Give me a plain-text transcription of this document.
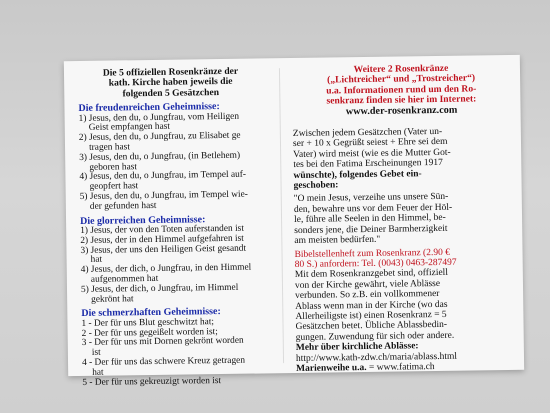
Die 5 offiziellen Rosenkränze der

kath. Kirche haben jeweils die

folgenden 5 Gesätzchen

Die freudenreichen Geheimnisse:

1) Jesus, den du, o Jungfrau, vom Heiligen

Geist empfangen hast

2) Jesus, den du, o Jungfrau, zu Elisabet ge

tragen hast

3) Jesus, den du, o Jungfrau, (in Betlehem)

geboren hast

4) Jesus, den du, o Jungfrau, im Tempel auf-

geopfert hast

5) Jesus, den du, o Jungfrau, im Tempel wie-

der gefunden hast

Die glorreichen Geheimnisse:

1) Jesus, der von den Toten auferstanden ist

2) Jesus, der in den Himmel aufgefahren ist

3) Jesus, der uns den Heiligen Geist gesandt

hat

4) Jesus, der dich, o Jungfrau, in den Himmel

aufgenommen hat

5) Jesus, der dich, o Jungfrau, im Himmel

gekrönt hat

Die schmerzhaften Geheimnisse:

1 - Der für uns Blut geschwitzt hat;

2 - Der für uns gegeißelt worden ist;

3 - Der für uns mit Dornen gekrönt worden

ist

4 - Der für uns das schwere Kreuz getragen

hat

5 - Der für uns gekreuzigt worden ist

Weitere 2 Rosenkränze

(„Lichtreicher“ und „Trostreicher“)

u.a. Informationen rund um den Ro-

senkranz finden sie hier im Internet:

www.der-rosenkranz.com

Zwischen jedem Gesätzchen (Vater un-

ser + 10 x Gegrüßt seiest + Ehre sei dem

Vater) wird meist (wie es die Mutter Got-

tes bei den Fatima Erscheinungen 1917

wünschte), folgendes Gebet ein-

geschoben:

"O mein Jesus, verzeihe uns unsere Sün-

den, bewahre uns vor dem Feuer der Höl-

le, führe alle Seelen in den Himmel, be-

sonders jene, die Deiner Barmherzigkeit

am meisten bedürfen."

Bibelstellenheft zum Rosenkranz (2.90 €

80 S.) anfordern: Tel. (0043) 0463-287497

Mit dem Rosenkranzgebet sind, offiziell

von der Kirche gewährt, viele Ablässe

verbunden. So z.B. ein vollkommener

Ablass wenn man in der Kirche (wo das

Allerheiligste ist) einen Rosenkranz = 5

Gesätzchen betet. Übliche Ablassbedin-

gungen. Zuwendung für sich oder andere.

Mehr über kirchliche Ablässe:

http://www.kath-zdw.ch/maria/ablass.html

Marienweihe u.a. = www.fatima.ch
